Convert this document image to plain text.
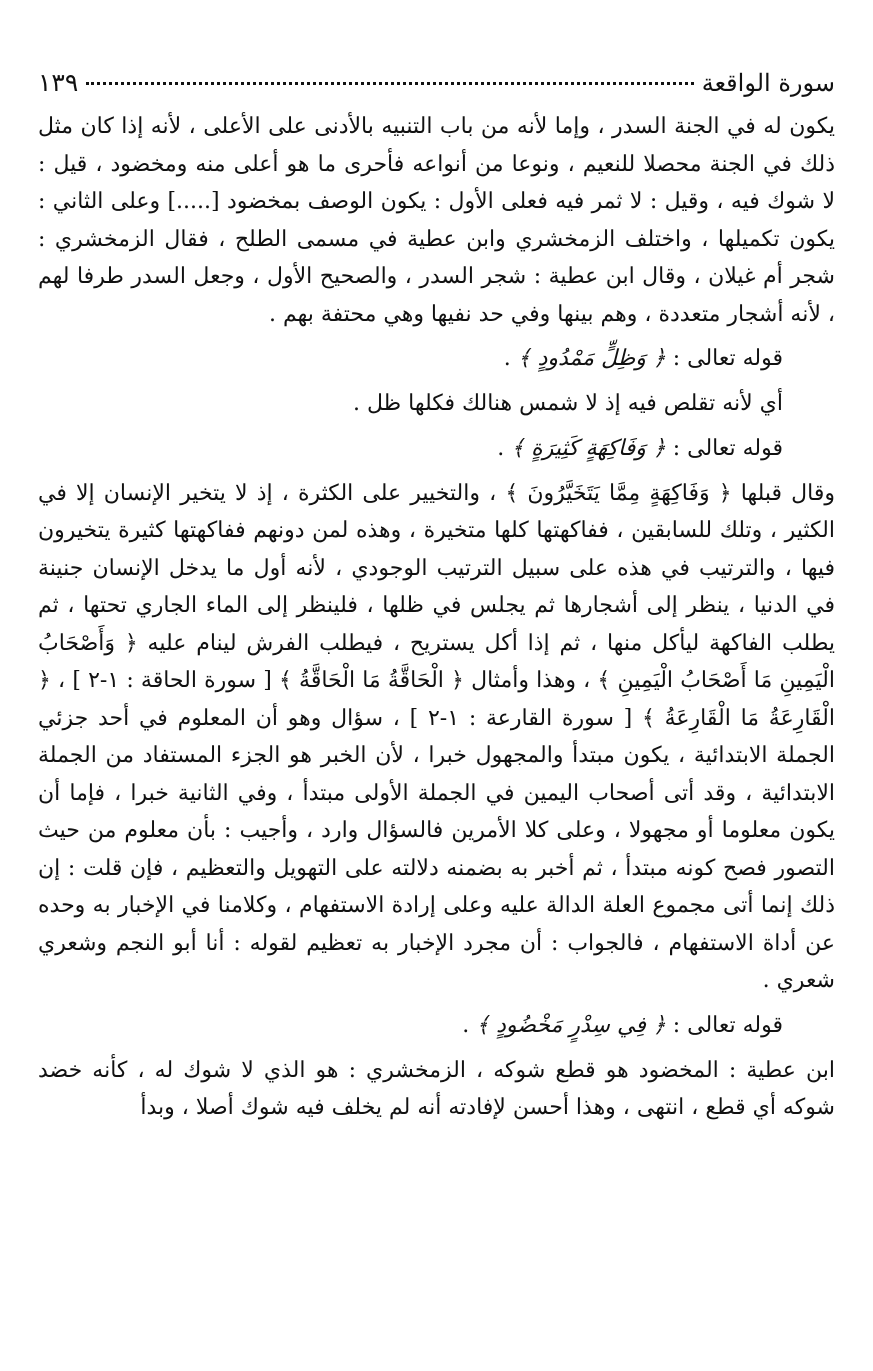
سورة الواقعة
١٣٩

يكون له في الجنة السدر ، وإما لأنه من باب التنبيه بالأدنى على الأعلى ، لأنه إذا كان مثل ذلك في الجنة محصلا للنعيم ، ونوعا من أنواعه فأحرى ما هو أعلى منه ومخضود ، قيل : لا شوك فيه ، وقيل : لا ثمر فيه فعلى الأول : يكون الوصف بمخضود [.....] وعلى الثاني : يكون تكميلها ، واختلف الزمخشري وابن عطية في مسمى الطلح ، فقال الزمخشري : شجر أم غيلان ، وقال ابن عطية : شجر السدر ، والصحيح الأول ، وجعل السدر طرفا لهم ، لأنه أشجار متعددة ، وهم بينها وفي حد نفيها وهي محتفة بهم .

قوله تعالى : ﴿ وَظِلٍّ مَمْدُودٍ ﴾ .

أي لأنه تقلص فيه إذ لا شمس هنالك فكلها ظل .

قوله تعالى : ﴿ وَفَاكِهَةٍ كَثِيرَةٍ ﴾ .

وقال قبلها ﴿ وَفَاكِهَةٍ مِمَّا يَتَخَيَّرُونَ ﴾ ، والتخيير على الكثرة ، إذ لا يتخير الإنسان إلا في الكثير ، وتلك للسابقين ، ففاكهتها كلها متخيرة ، وهذه لمن دونهم ففاكهتها كثيرة يتخيرون فيها ، والترتيب في هذه على سبيل الترتيب الوجودي ، لأنه أول ما يدخل الإنسان جنينة في الدنيا ، ينظر إلى أشجارها ثم يجلس في ظلها ، فلينظر إلى الماء الجاري تحتها ، ثم يطلب الفاكهة ليأكل منها ، ثم إذا أكل يستريح ، فيطلب الفرش لينام عليه ﴿ وَأَصْحَابُ الْيَمِينِ مَا أَصْحَابُ الْيَمِينِ ﴾ ، وهذا وأمثال ﴿ الْحَاقَّةُ مَا الْحَاقَّةُ ﴾ [ سورة الحاقة : ١-٢ ] ، ﴿ الْقَارِعَةُ مَا الْقَارِعَةُ ﴾ [ سورة القارعة : ١-٢ ] ، سؤال وهو أن المعلوم في أحد جزئي الجملة الابتدائية ، يكون مبتدأ والمجهول خبرا ، لأن الخبر هو الجزء المستفاد من الجملة الابتدائية ، وقد أتى أصحاب اليمين في الجملة الأولى مبتدأ ، وفي الثانية خبرا ، فإما أن يكون معلوما أو مجهولا ، وعلى كلا الأمرين فالسؤال وارد ، وأجيب : بأن معلوم من حيث التصور فصح كونه مبتدأ ، ثم أخبر به بضمنه دلالته على التهويل والتعظيم ، فإن قلت : إن ذلك إنما أتى مجموع العلة الدالة عليه وعلى إرادة الاستفهام ، وكلامنا في الإخبار به وحده عن أداة الاستفهام ، فالجواب : أن مجرد الإخبار به تعظيم لقوله : أنا أبو النجم وشعري شعري .

قوله تعالى : ﴿ فِي سِدْرٍ مَخْضُودٍ ﴾ .

ابن عطية : المخضود هو قطع شوكه ، الزمخشري : هو الذي لا شوك له ، كأنه خضد شوكه أي قطع ، انتهى ، وهذا أحسن لإفادته أنه لم يخلف فيه شوك أصلا ، وبدأ
